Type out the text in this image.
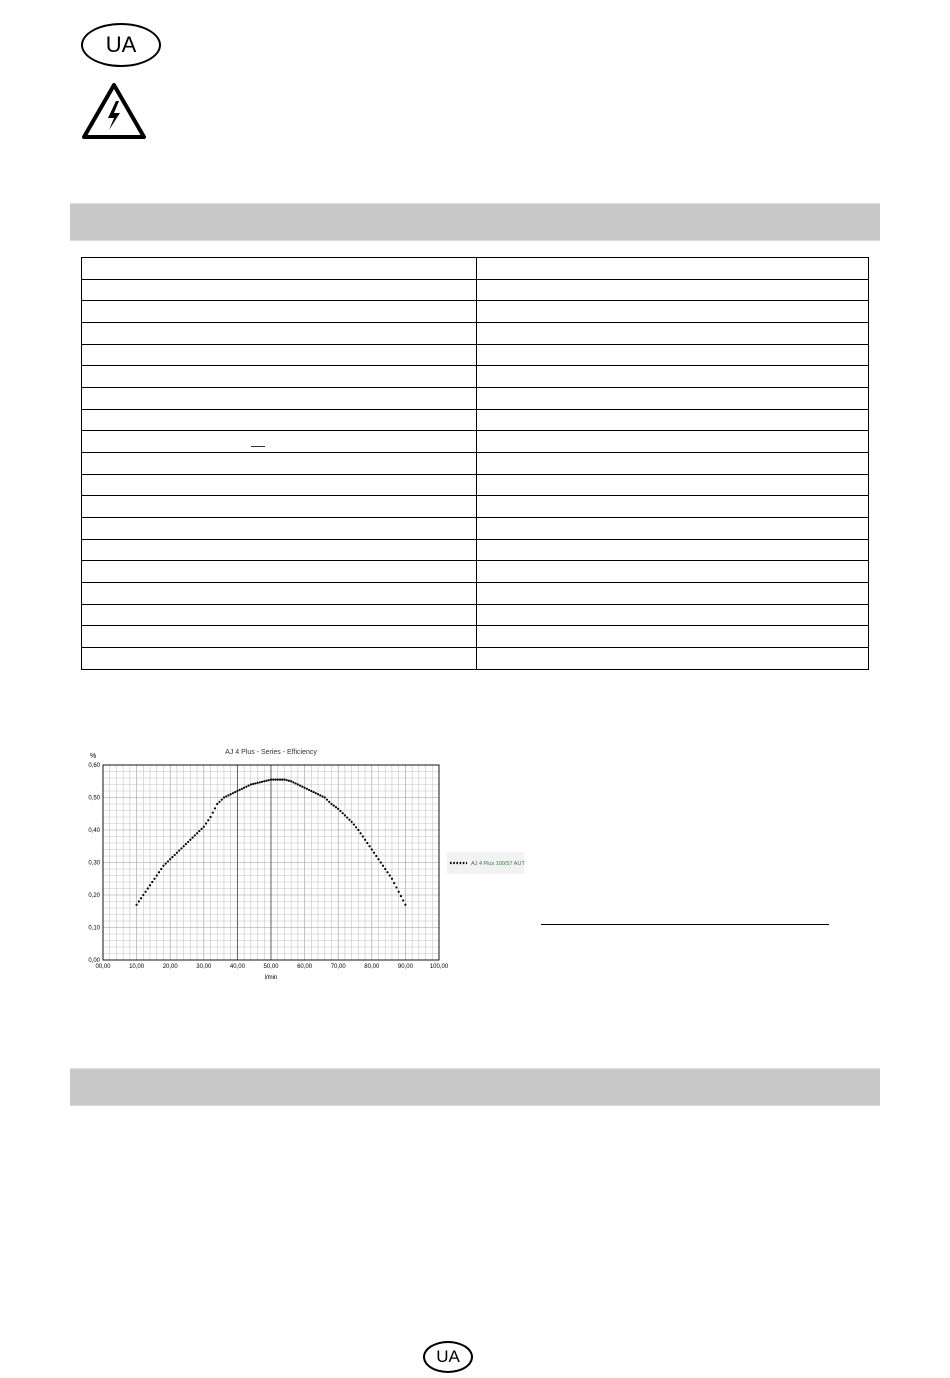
UA

AJ 4 Plus - Series - Efficiency
%
l/min
00,00	10,00	20,00	30,00	40,00	50,00	60,00	70,00	80,00	90,00	100,00
0,00
0,10
0,20
0,30
0,40
0,50
0,60
AJ 4 Plus 100/57 AUT
UA
